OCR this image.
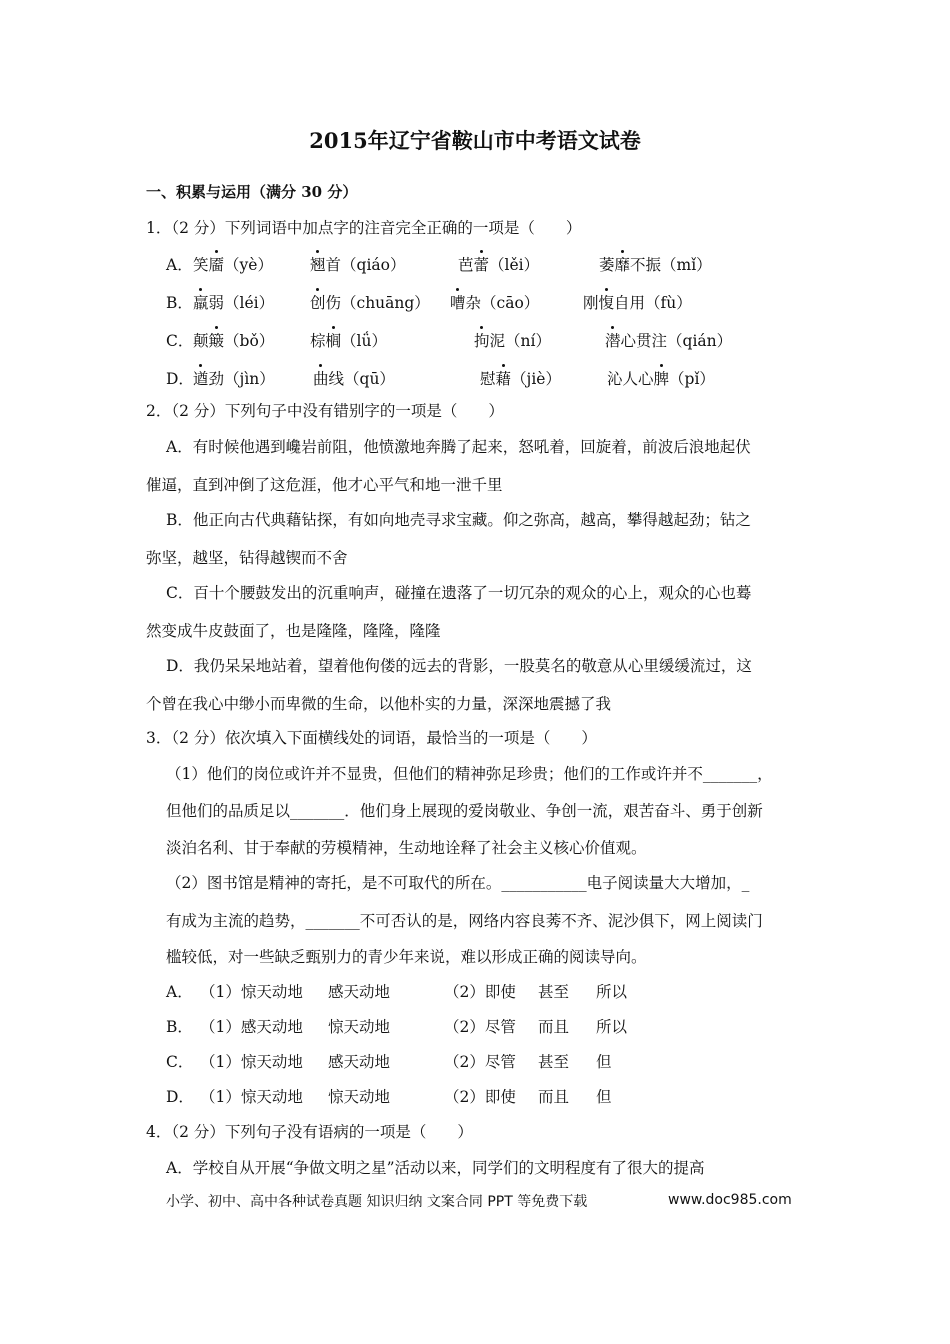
2015年辽宁省鞍山市中考语文试卷
一、积累与运用（满分 30 分）
1．（2 分）下列词语中加点字的注音完全正确的一项是（　　）
A． 笑靥（yè） 翘首（qiáo）	芭蕾（lěi）	萎靡不振（mǐ）
B． 羸弱（léi） 创伤（chuāng） 嘈杂（cāo）	刚愎自用（fù）
C． 颠簸（bǒ） 棕榈（lǘ）	拘泥（ní）	潜心贯注（qián）
D． 遒劲（jìn） 曲线（qū）	慰藉（jiè）	沁人心脾（pǐ）
2．（2 分）下列句子中没有错别字的一项是（　　）
A．有时候他遇到巉岩前阻，他愤激地奔腾了起来，怒吼着，回旋着，前波后浪地起伏
催逼，直到冲倒了这危涯，他才心平气和地一泄千里
B．他正向古代典藉钻探，有如向地壳寻求宝藏。仰之弥高，越高，攀得越起劲；钻之
弥坚，越坚，钻得越锲而不舍
C．百十个腰鼓发出的沉重响声，碰撞在遗落了一切冗杂的观众的心上，观众的心也蓦
然变成牛皮鼓面了，也是隆隆，隆隆，隆隆
D．我仍呆呆地站着，望着他佝偻的远去的背影，一股莫名的敬意从心里缓缓流过，这
个曾在我心中缈小而卑微的生命，以他朴实的力量，深深地震撼了我
3．（2 分）依次填入下面横线处的词语，最恰当的一项是（　　）
（1）他们的岗位或许并不显贵，但他们的精神弥足珍贵；他们的工作或许并不_______，
但他们的品质足以_______．他们身上展现的爱岗敬业、争创一流，艰苦奋斗、勇于创新
淡泊名利、甘于奉献的劳模精神，生动地诠释了社会主义核心价值观。
（2）图书馆是精神的寄托，是不可取代的所在。___________电子阅读量大大增加，_
有成为主流的趋势，_______不可否认的是，网络内容良莠不齐、泥沙俱下，网上阅读门
槛较低，对一些缺乏甄别力的青少年来说，难以形成正确的阅读导向。
A． （1）惊天动地 感天动地	（2）即使 甚至 所以
B． （1）感天动地 惊天动地	（2）尽管 而且 所以
C． （1）惊天动地 感天动地	（2）尽管 甚至 但
D． （1）惊天动地 惊天动地	（2）即使 而且 但
4．（2 分）下列句子没有语病的一项是（　　）
A．学校自从开展“争做文明之星”活动以来，同学们的文明程度有了很大的提高
小学、初中、高中各种试卷真题 知识归纳 文案合同 PPT 等免费下载	www.doc985.com
